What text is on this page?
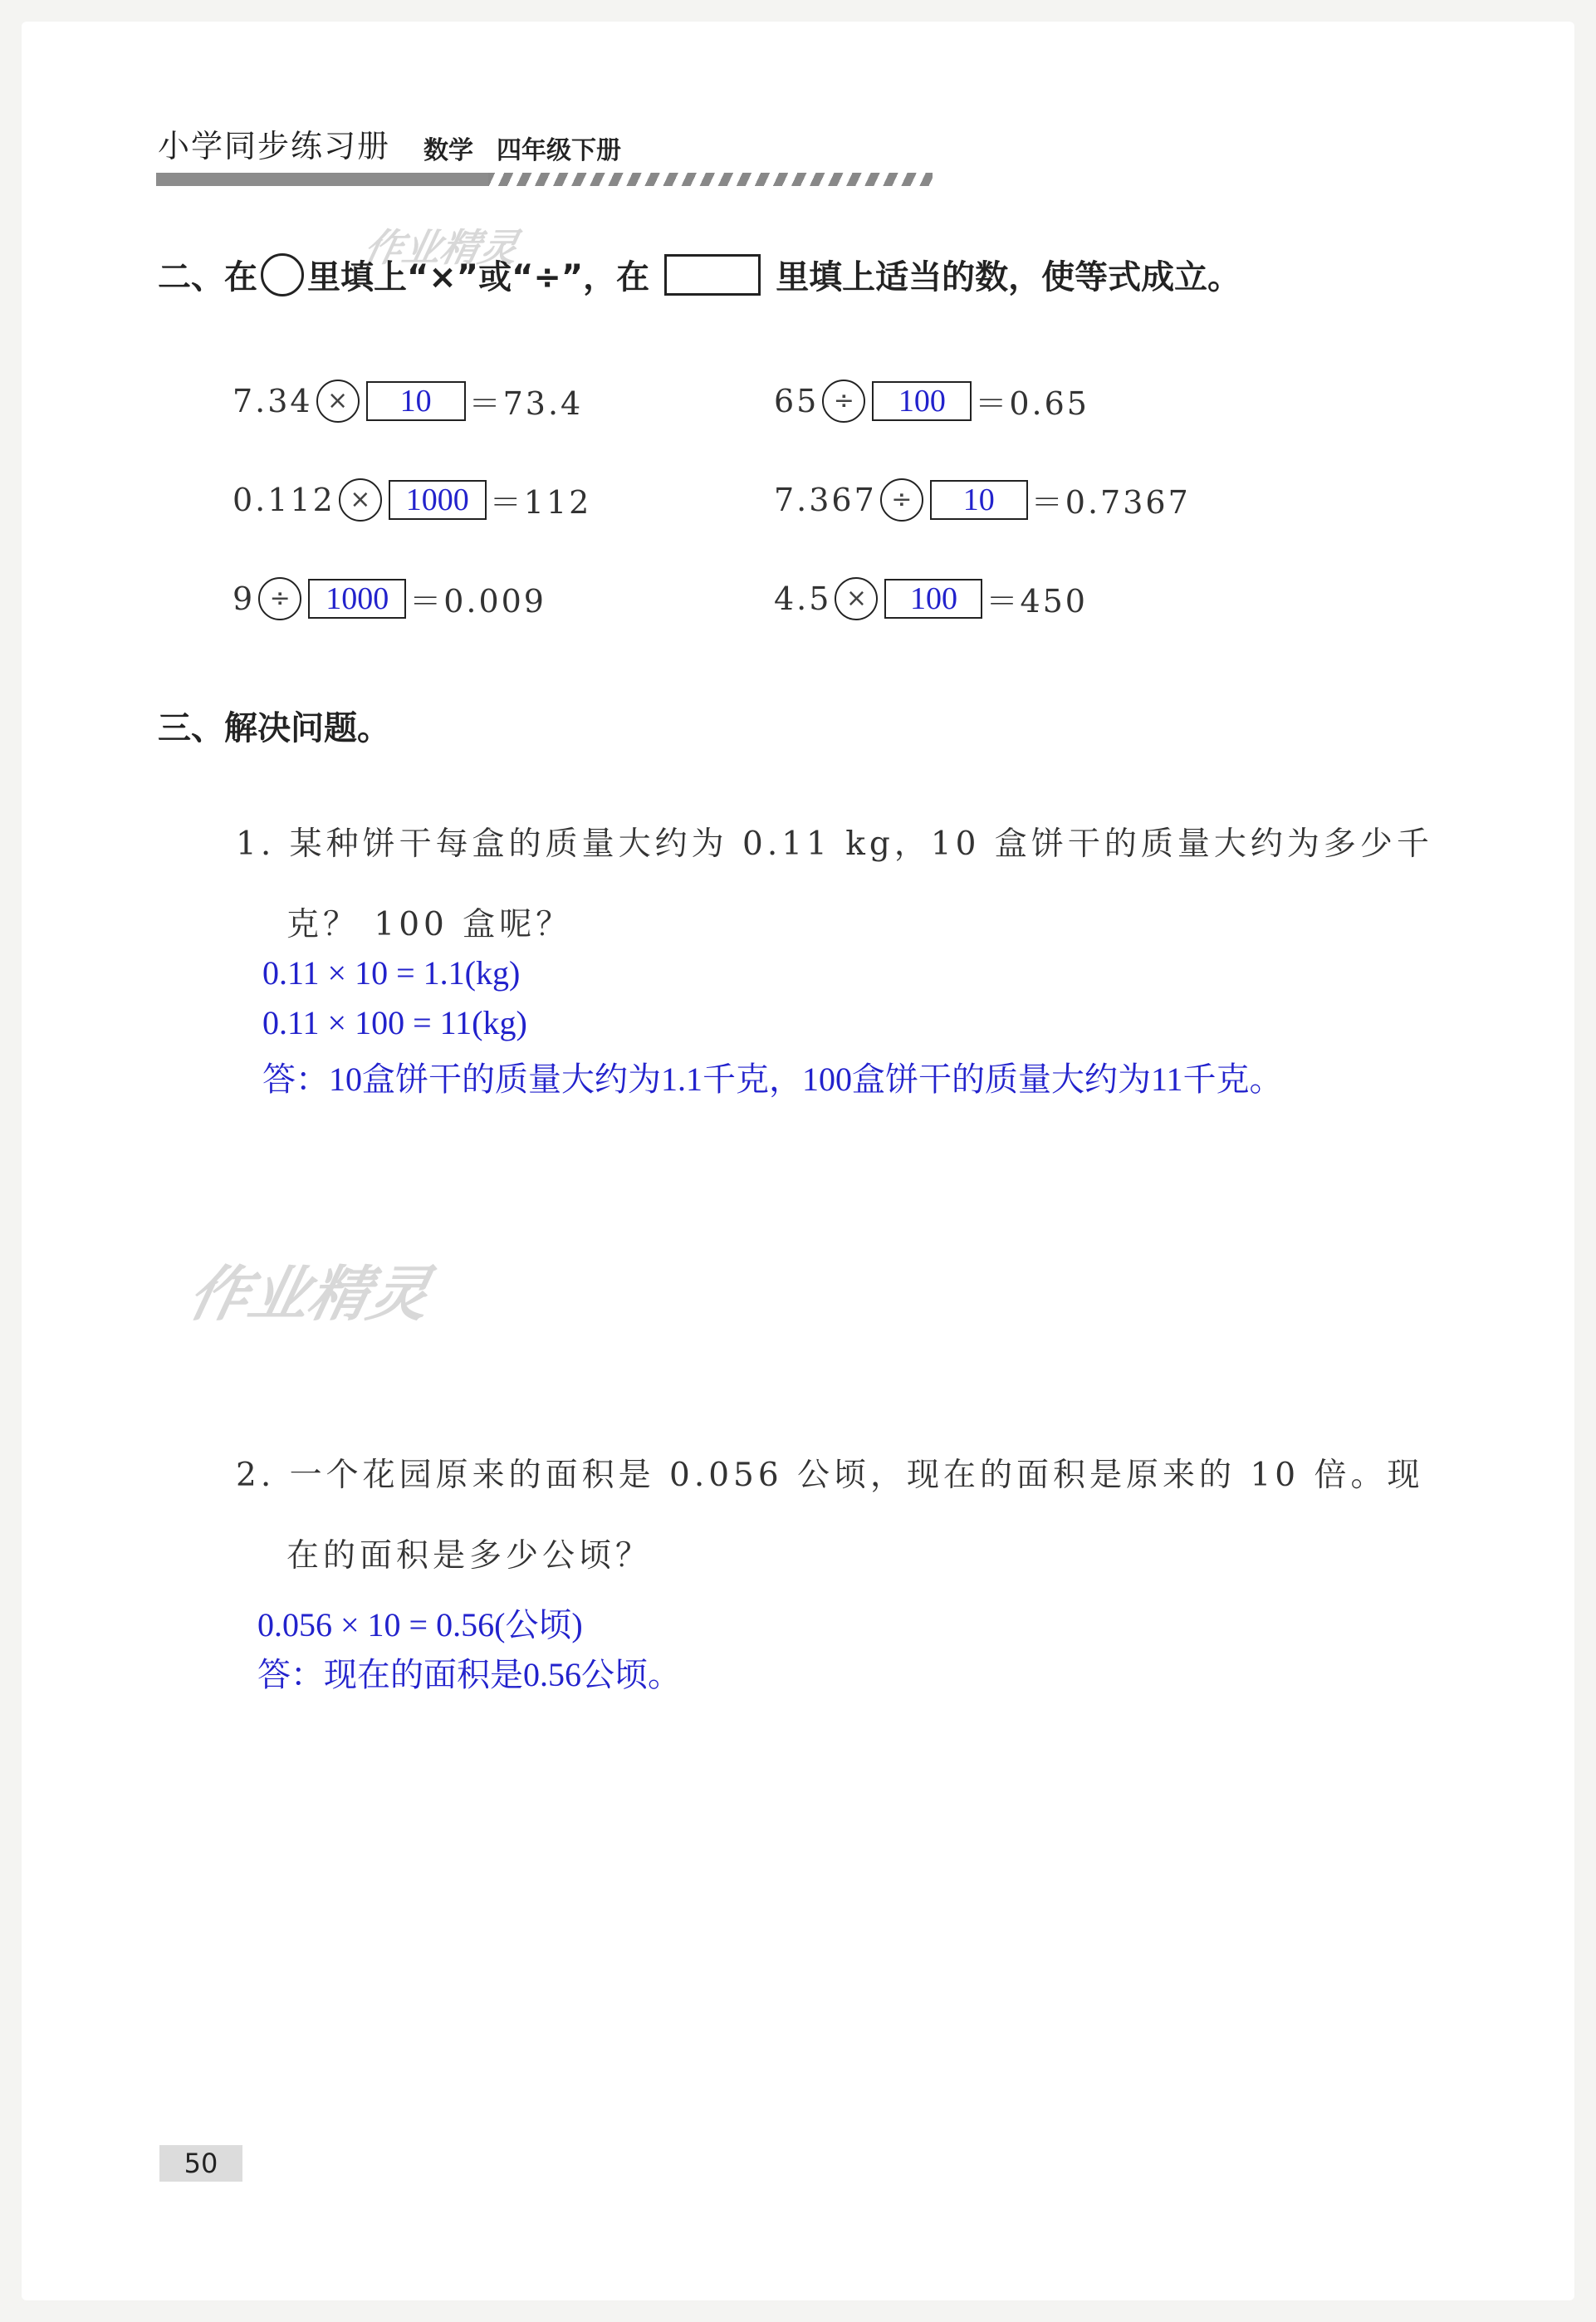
小学同步练习册 数学 四年级下册
作业精灵
作业精灵
二、在 里填上“×”或“÷”，在	里填上适当的数，使等式成立。
7.34 ×	10	＝73.4	65 ÷	100 ＝0.65
0.112 ×	1000 ＝112	7.367 ÷	10	＝0.7367
9 ÷	1000 ＝0.009	4.5 ×	100 ＝450
三、解决问题。
1. 某种饼干每盒的质量大约为 0.11 kg，10 盒饼干的质量大约为多少千
克？ 100 盒呢？
0.11 × 10 = 1.1(kg)
0.11 × 100 = 11(kg)
答：10盒饼干的质量大约为1.1千克，100盒饼干的质量大约为11千克。
2. 一个花园原来的面积是 0.056 公顷，现在的面积是原来的 10 倍。现
在的面积是多少公顷？
0.056 × 10 = 0.56(公顷)
答：现在的面积是0.56公顷。
50
